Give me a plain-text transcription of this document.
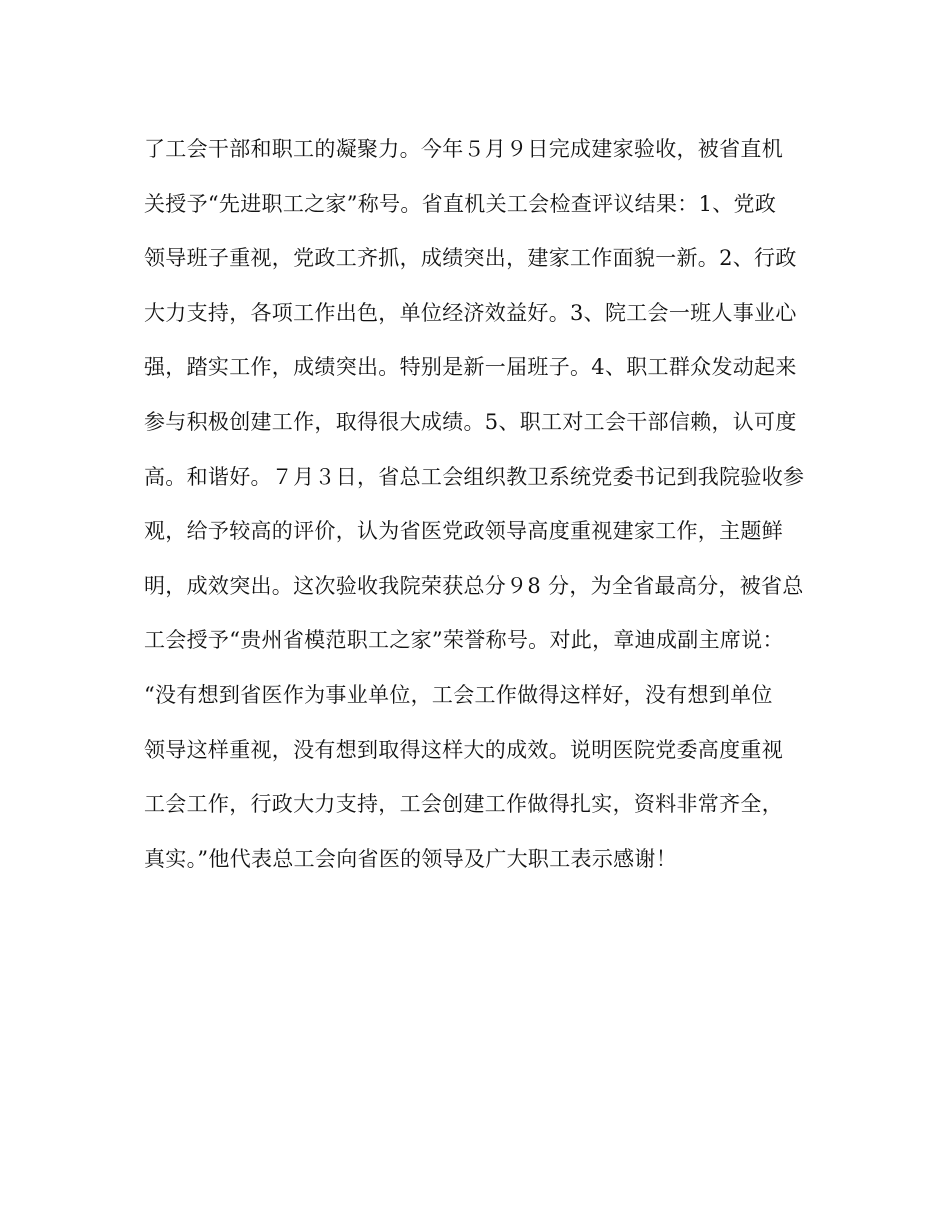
了工会干部和职工的凝聚力。今年５月９日完成建家验收，被省直机
关授予“先进职工之家”称号。省直机关工会检查评议结果：1、党政
领导班子重视，党政工齐抓，成绩突出，建家工作面貌一新。2、行政
大力支持，各项工作出色，单位经济效益好。3、院工会一班人事业心
强，踏实工作，成绩突出。特别是新一届班子。4、职工群众发动起来
参与积极创建工作，取得很大成绩。5、职工对工会干部信赖，认可度
高。和谐好。７月３日，省总工会组织教卫系统党委书记到我院验收参
观，给予较高的评价，认为省医党政领导高度重视建家工作，主题鲜
明，成效突出。这次验收我院荣获总分９8 分，为全省最高分，被省总
工会授予“贵州省模范职工之家”荣誉称号。对此，章迪成副主席说：
“没有想到省医作为事业单位，工会工作做得这样好，没有想到单位
领导这样重视，没有想到取得这样大的成效。说明医院党委高度重视
工会工作，行政大力支持，工会创建工作做得扎实，资料非常齐全，
真实。”他代表总工会向省医的领导及广大职工表示感谢！
